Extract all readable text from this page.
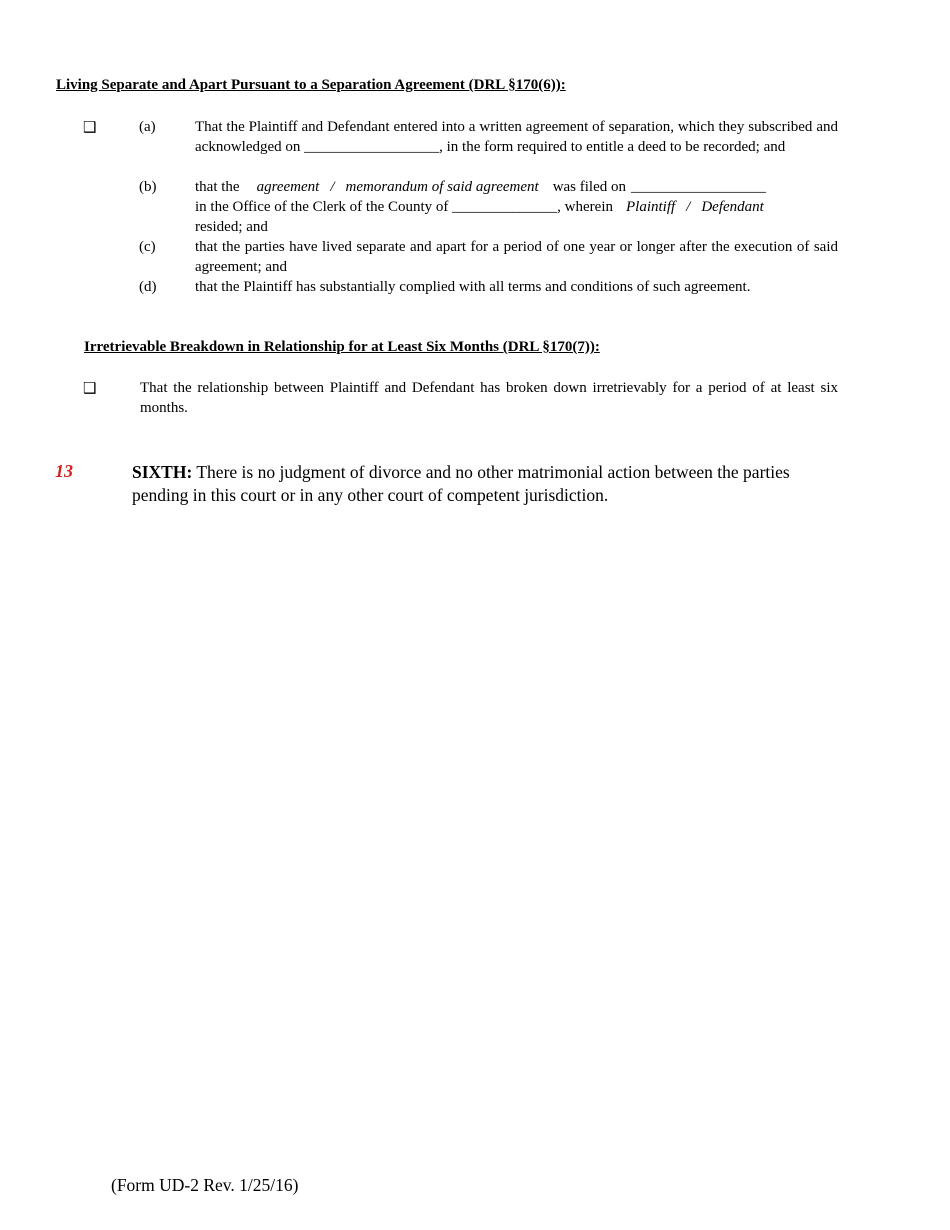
Living Separate and Apart Pursuant to a Separation Agreement (DRL §170(6)):
❑	(a)	That the Plaintiff and Defendant entered into a written agreement of separation, which they subscribed and acknowledged on __________________, in the form required to entitle a deed to be recorded; and
(b)	that the agreement / memorandum of said agreement was filed on __________________
in the Office of the Clerk of the County of ______________, wherein Plaintiff / Defendant
resided; and
(c)	that the parties have lived separate and apart for a period of one year or longer after the execution of said agreement; and
(d)	that the Plaintiff has substantially complied with all terms and conditions of such agreement.
Irretrievable Breakdown in Relationship for at Least Six Months (DRL §170(7)):
❑	That the relationship between Plaintiff and Defendant has broken down irretrievably for a period of at least six months.
13	SIXTH: There is no judgment of divorce and no other matrimonial action between the parties pending in this court or in any other court of competent jurisdiction.
(Form UD-2 Rev. 1/25/16)
